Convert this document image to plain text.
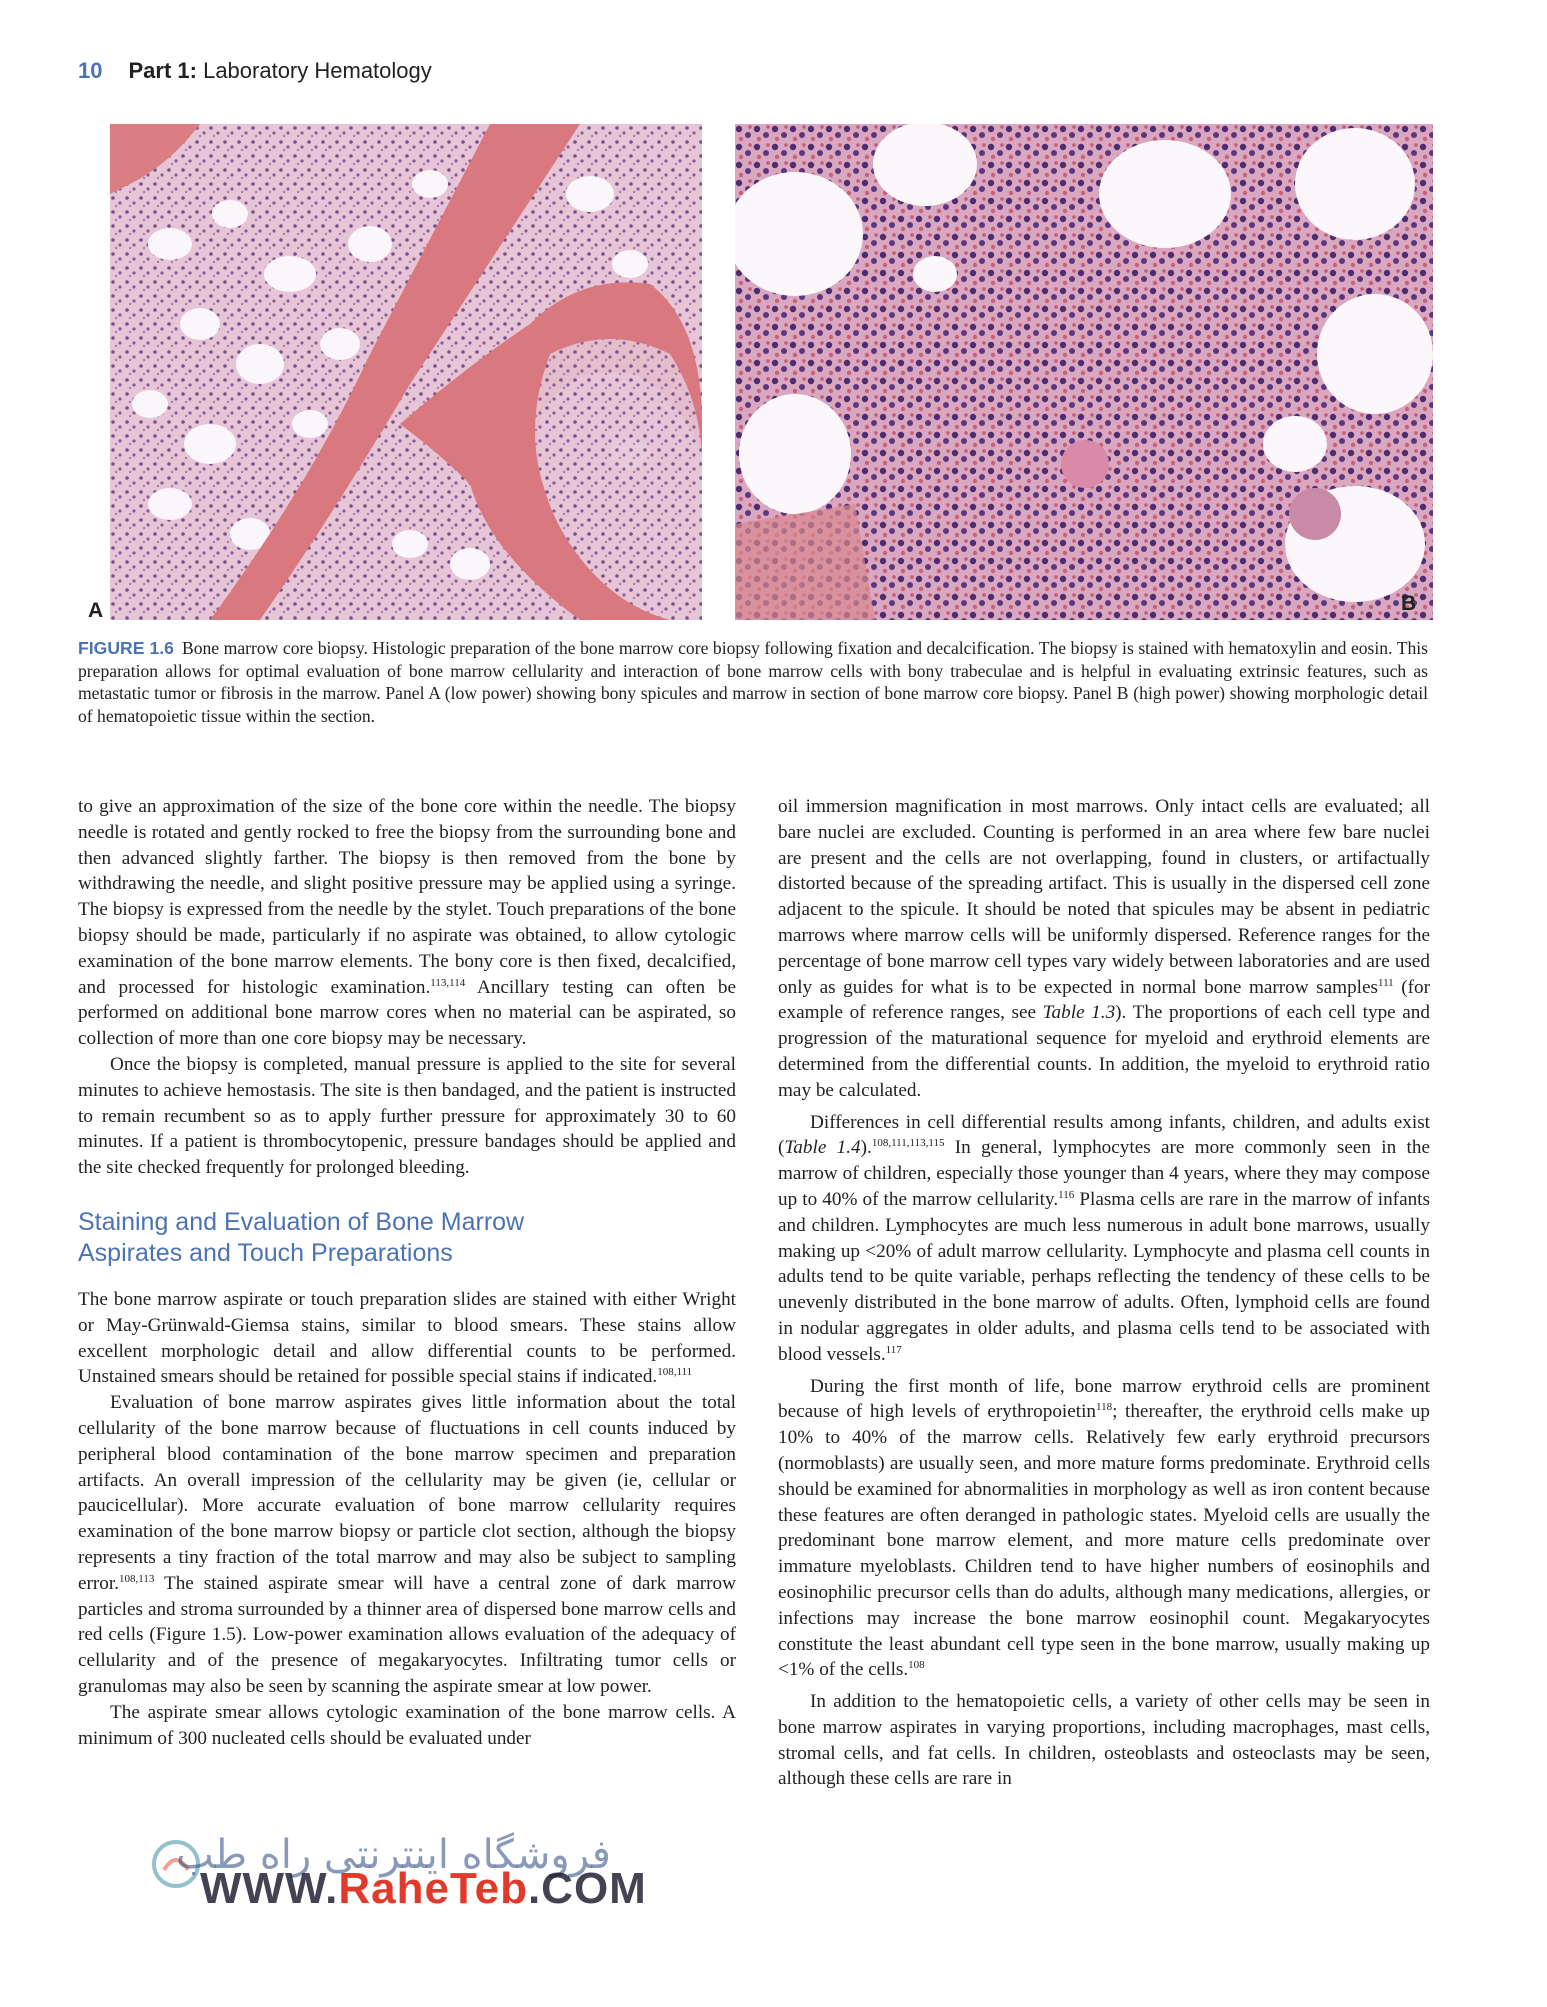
10 Part 1: Laboratory Hematology
A	B
FIGURE 1.6 Bone marrow core biopsy. Histologic preparation of the bone marrow core biopsy following fixation and decalcification. The biopsy is stained with hematoxylin and eosin. This preparation allows for optimal evaluation of bone marrow cellularity and interaction of bone marrow cells with bony trabeculae and is helpful in evaluating extrinsic features, such as metastatic tumor or fibrosis in the marrow. Panel A (low power) showing bony spicules and marrow in section of bone marrow core biopsy. Panel B (high power) showing morphologic detail of hematopoietic tissue within the section.

to give an approximation of the size of the bone core within the needle. The biopsy needle is rotated and gently rocked to free the biopsy from the surrounding bone and then advanced slightly farther. The biopsy is then removed from the bone by withdrawing the needle, and slight positive pressure may be applied using a syringe. The biopsy is expressed from the needle by the stylet. Touch preparations of the bone biopsy should be made, particularly if no aspirate was obtained, to allow cytologic examination of the bone marrow elements. The bony core is then fixed, decalcified, and processed for histologic examination.$^{113,114}$ Ancillary testing can often be performed on additional bone marrow cores when no material can be aspirated, so collection of more than one core biopsy may be necessary.

Once the biopsy is completed, manual pressure is applied to the site for several minutes to achieve hemostasis. The site is then bandaged, and the patient is instructed to remain recumbent so as to apply further pressure for approximately 30 to 60 minutes. If a patient is thrombocytopenic, pressure bandages should be applied and the site checked frequently for prolonged bleeding.

Staining and Evaluation of Bone Marrow
Aspirates and Touch Preparations

The bone marrow aspirate or touch preparation slides are stained with either Wright or May-Grünwald-Giemsa stains, similar to blood smears. These stains allow excellent morphologic detail and allow differential counts to be performed. Unstained smears should be retained for possible special stains if indicated.$^{108,111}$

Evaluation of bone marrow aspirates gives little information about the total cellularity of the bone marrow because of fluctuations in cell counts induced by peripheral blood contamination of the bone marrow specimen and preparation artifacts. An overall impression of the cellularity may be given (ie, cellular or paucicellular). More accurate evaluation of bone marrow cellularity requires examination of the bone marrow biopsy or particle clot section, although the biopsy represents a tiny fraction of the total marrow and may also be subject to sampling error.$^{108,113}$ The stained aspirate smear will have a central zone of dark marrow particles and stroma surrounded by a thinner area of dispersed bone marrow cells and red cells (Figure 1.5). Low-power examination allows evaluation of the adequacy of cellularity and of the presence of megakaryocytes. Infiltrating tumor cells or granulomas may also be seen by scanning the aspirate smear at low power.

The aspirate smear allows cytologic examination of the bone marrow cells. A minimum of 300 nucleated cells should be evaluated under

oil immersion magnification in most marrows. Only intact cells are evaluated; all bare nuclei are excluded. Counting is performed in an area where few bare nuclei are present and the cells are not overlapping, found in clusters, or artifactually distorted because of the spreading artifact. This is usually in the dispersed cell zone adjacent to the spicule. It should be noted that spicules may be absent in pediatric marrows where marrow cells will be uniformly dispersed. Reference ranges for the percentage of bone marrow cell types vary widely between laboratories and are used only as guides for what is to be expected in normal bone marrow samples$^{111}$ (for example of reference ranges, see Table 1.3). The proportions of each cell type and progression of the maturational sequence for myeloid and erythroid elements are determined from the differential counts. In addition, the myeloid to erythroid ratio may be calculated.

Differences in cell differential results among infants, children, and adults exist (Table 1.4).$^{108,111,113,115}$ In general, lymphocytes are more commonly seen in the marrow of children, especially those younger than 4 years, where they may compose up to 40% of the marrow cellularity.$^{116}$ Plasma cells are rare in the marrow of infants and children. Lymphocytes are much less numerous in adult bone marrows, usually making up <20% of adult marrow cellularity. Lymphocyte and plasma cell counts in adults tend to be quite variable, perhaps reflecting the tendency of these cells to be unevenly distributed in the bone marrow of adults. Often, lymphoid cells are found in nodular aggregates in older adults, and plasma cells tend to be associated with blood vessels.$^{117}$

During the first month of life, bone marrow erythroid cells are prominent because of high levels of erythropoietin$^{118}$; thereafter, the erythroid cells make up 10% to 40% of the marrow cells. Relatively few early erythroid precursors (normoblasts) are usually seen, and more mature forms predominate. Erythroid cells should be examined for abnormalities in morphology as well as iron content because these features are often deranged in pathologic states. Myeloid cells are usually the predominant bone marrow element, and more mature cells predominate over immature myeloblasts. Children tend to have higher numbers of eosinophils and eosinophilic precursor cells than do adults, although many medications, allergies, or infections may increase the bone marrow eosinophil count. Megakaryocytes constitute the least abundant cell type seen in the bone marrow, usually making up <1% of the cells.$^{108}$

In addition to the hematopoietic cells, a variety of other cells may be seen in bone marrow aspirates in varying proportions, including macrophages, mast cells, stromal cells, and fat cells. In children, osteoblasts and osteoclasts may be seen, although these cells are rare in

فروشگاه اینترنتی راه طب
WWW.RaheTeb.COM
